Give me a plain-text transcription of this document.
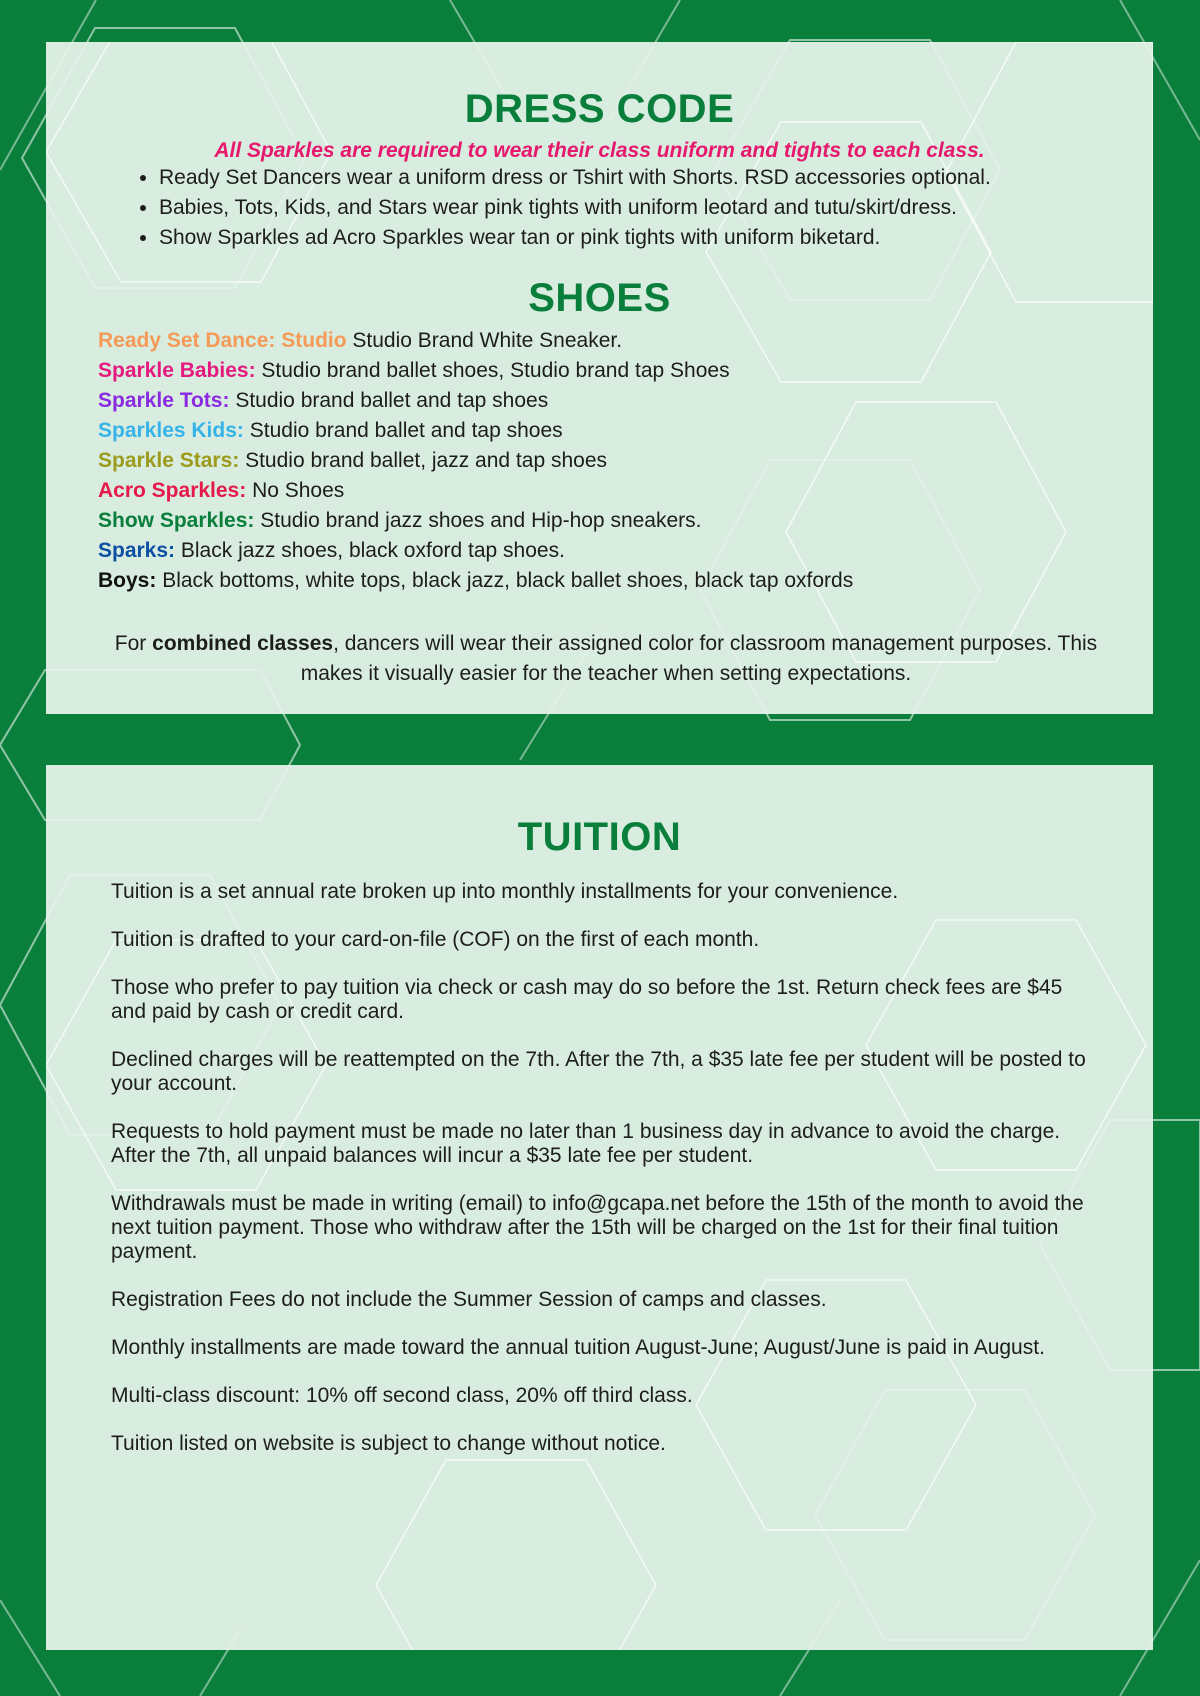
DRESS CODE
All Sparkles are required to wear their class uniform and tights to each class.
• Ready Set Dancers wear a uniform dress or Tshirt with Shorts. RSD accessories optional.
• Babies, Tots, Kids, and Stars wear pink tights with uniform leotard and tutu/skirt/dress.
• Show Sparkles ad Acro Sparkles wear tan or pink tights with uniform biketard.
SHOES
Ready Set Dance: Studio Studio Brand White Sneaker.
Sparkle Babies: Studio brand ballet shoes, Studio brand tap Shoes
Sparkle Tots: Studio brand ballet and tap shoes
Sparkles Kids: Studio brand ballet and tap shoes
Sparkle Stars: Studio brand ballet, jazz and tap shoes
Acro Sparkles: No Shoes
Show Sparkles: Studio brand jazz shoes and Hip-hop sneakers.
Sparks: Black jazz shoes, black oxford tap shoes.
Boys: Black bottoms, white tops, black jazz, black ballet shoes, black tap oxfords
For combined classes, dancers will wear their assigned color for classroom management purposes. This makes it visually easier for the teacher when setting expectations.
TUITION

Tuition is a set annual rate broken up into monthly installments for your convenience.

Tuition is drafted to your card-on-file (COF) on the first of each month.

Those who prefer to pay tuition via check or cash may do so before the 1st. Return check fees are $45 and paid by cash or credit card.

Declined charges will be reattempted on the 7th. After the 7th, a $35 late fee per student will be posted to your account.

Requests to hold payment must be made no later than 1 business day in advance to avoid the charge. After the 7th, all unpaid balances will incur a $35 late fee per student.

Withdrawals must be made in writing (email) to info@gcapa.net before the 15th of the month to avoid the next tuition payment. Those who withdraw after the 15th will be charged on the 1st for their final tuition payment.

Registration Fees do not include the Summer Session of camps and classes.

Monthly installments are made toward the annual tuition August-June; August/June is paid in August.

Multi-class discount: 10% off second class, 20% off third class.

Tuition listed on website is subject to change without notice.
